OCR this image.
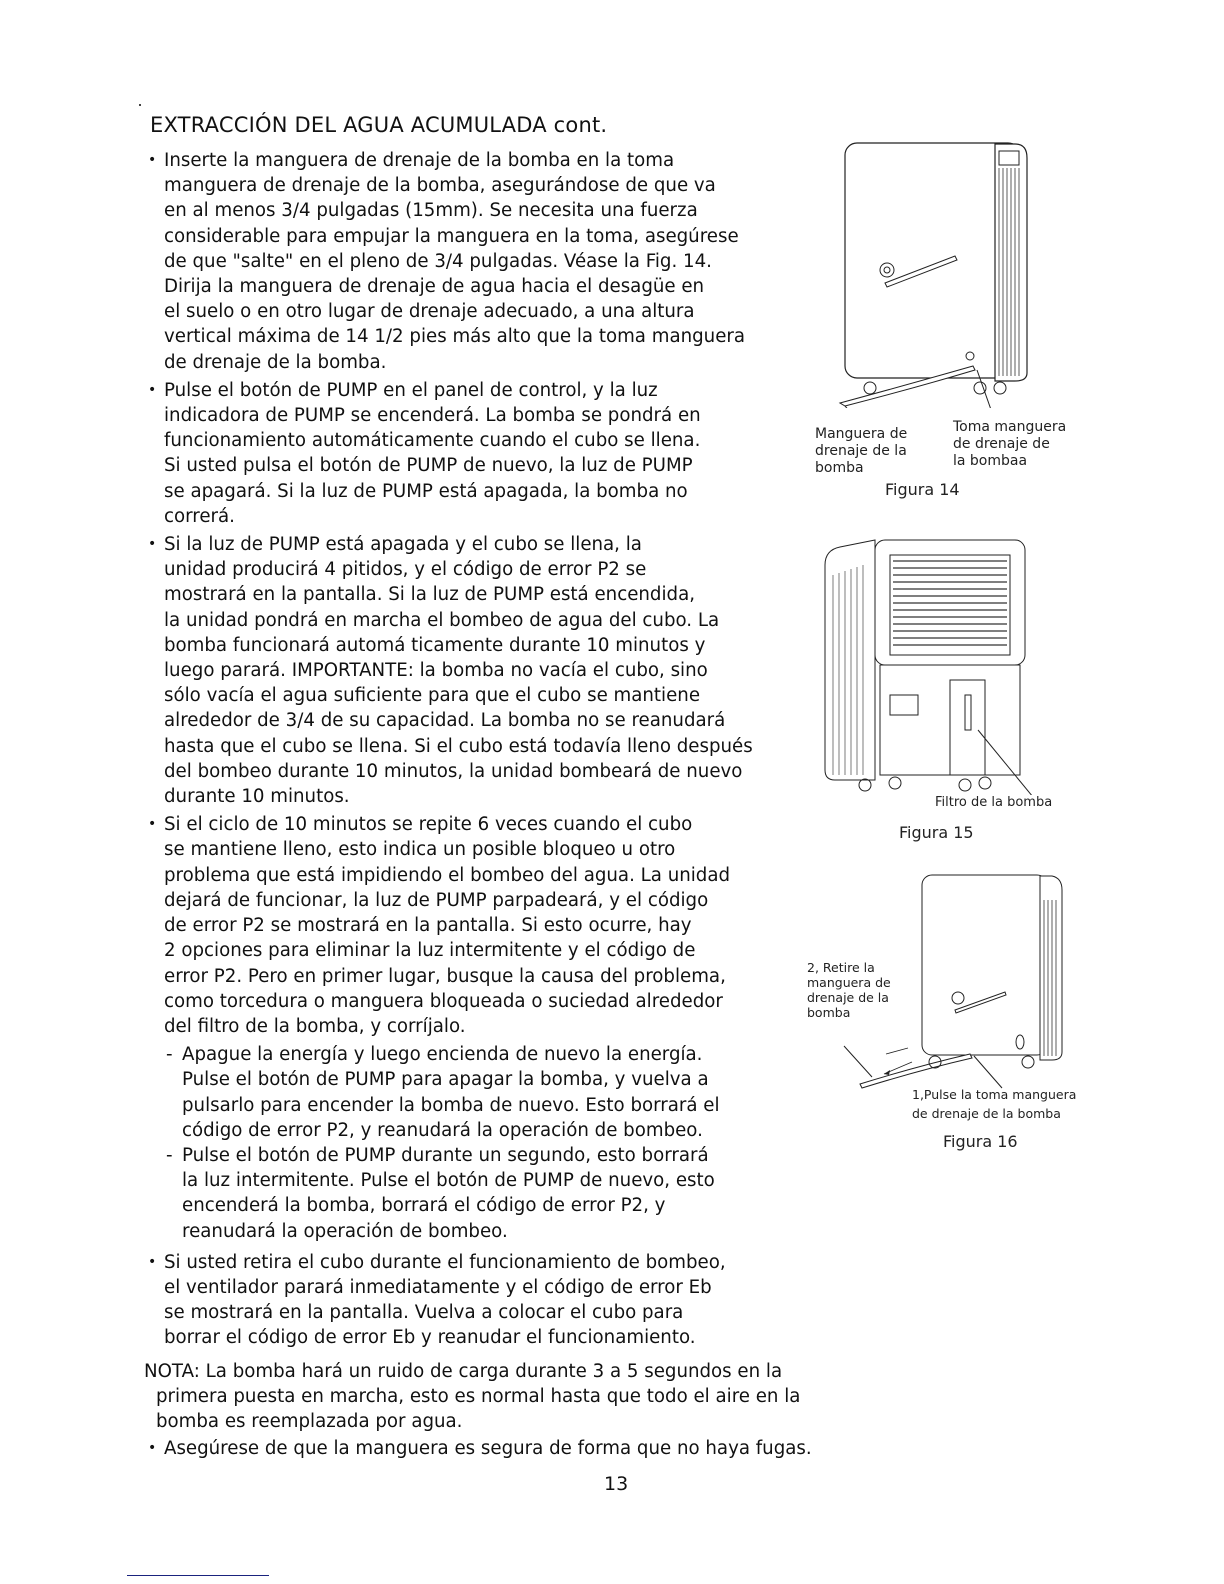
EXTRACCIÓN DEL AGUA ACUMULADA cont.
• Inserte la manguera de drenaje de la bomba en la toma
manguera de drenaje de la bomba, asegurándose de que va
en al menos 3/4 pulgadas (15mm). Se necesita una fuerza
considerable para empujar la manguera en la toma, asegúrese
de que "salte" en el pleno de 3/4 pulgadas. Véase la Fig. 14.
Dirija la manguera de drenaje de agua hacia el desagüe en
el suelo o en otro lugar de drenaje adecuado, a una altura
vertical máxima de 14 1/2 pies más alto que la toma manguera
de drenaje de la bomba.
• Pulse el botón de PUMP en el panel de control, y la luz
indicadora de PUMP se encenderá. La bomba se pondrá en
funcionamiento automáticamente cuando el cubo se llena.
Si usted pulsa el botón de PUMP de nuevo, la luz de PUMP
se apagará. Si la luz de PUMP está apagada, la bomba no
correrá.
• Si la luz de PUMP está apagada y el cubo se llena, la
unidad producirá 4 pitidos, y el código de error P2 se
mostrará en la pantalla. Si la luz de PUMP está encendida,
la unidad pondrá en marcha el bombeo de agua del cubo. La
bomba funcionará automá ticamente durante 10 minutos y
luego parará. IMPORTANTE: la bomba no vacía el cubo, sino
sólo vacía el agua suficiente para que el cubo se mantiene
alrededor de 3/4 de su capacidad. La bomba no se reanudará
hasta que el cubo se llena. Si el cubo está todavía lleno después
del bombeo durante 10 minutos, la unidad bombeará de nuevo
durante 10 minutos.
• Si el ciclo de 10 minutos se repite 6 veces cuando el cubo
se mantiene lleno, esto indica un posible bloqueo u otro
problema que está impidiendo el bombeo del agua. La unidad
dejará de funcionar, la luz de PUMP parpadeará, y el código
de error P2 se mostrará en la pantalla. Si esto ocurre, hay
2 opciones para eliminar la luz intermitente y el código de
error P2. Pero en primer lugar, busque la causa del problema,
como torcedura o manguera bloqueada o suciedad alrededor
del filtro de la bomba, y corríjalo.
- Apague la energía y luego encienda de nuevo la energía.
Pulse el botón de PUMP para apagar la bomba, y vuelva a
pulsarlo para encender la bomba de nuevo. Esto borrará el
código de error P2, y reanudará la operación de bombeo.
- Pulse el botón de PUMP durante un segundo, esto borrará
la luz intermitente. Pulse el botón de PUMP de nuevo, esto
encenderá la bomba, borrará el código de error P2, y
reanudará la operación de bombeo.
• Si usted retira el cubo durante el funcionamiento de bombeo,
el ventilador parará inmediatamente y el código de error Eb
se mostrará en la pantalla. Vuelva a colocar el cubo para
borrar el código de error Eb y reanudar el funcionamiento.
NOTA: La bomba hará un ruido de carga durante 3 a 5 segundos en la
primera puesta en marcha, esto es normal hasta que todo el aire en la
bomba es reemplazada por agua.
• Asegúrese de que la manguera es segura de forma que no haya fugas.
Manguera de
drenaje de la
bomba
Toma manguera
de drenaje de
la bombaa
Figura 14
Filtro de la bomba
Figura 15
2, Retire la
manguera de
drenaje de la
bomba
1,Pulse la toma manguera
de drenaje de la bomba
Figura 16
13
